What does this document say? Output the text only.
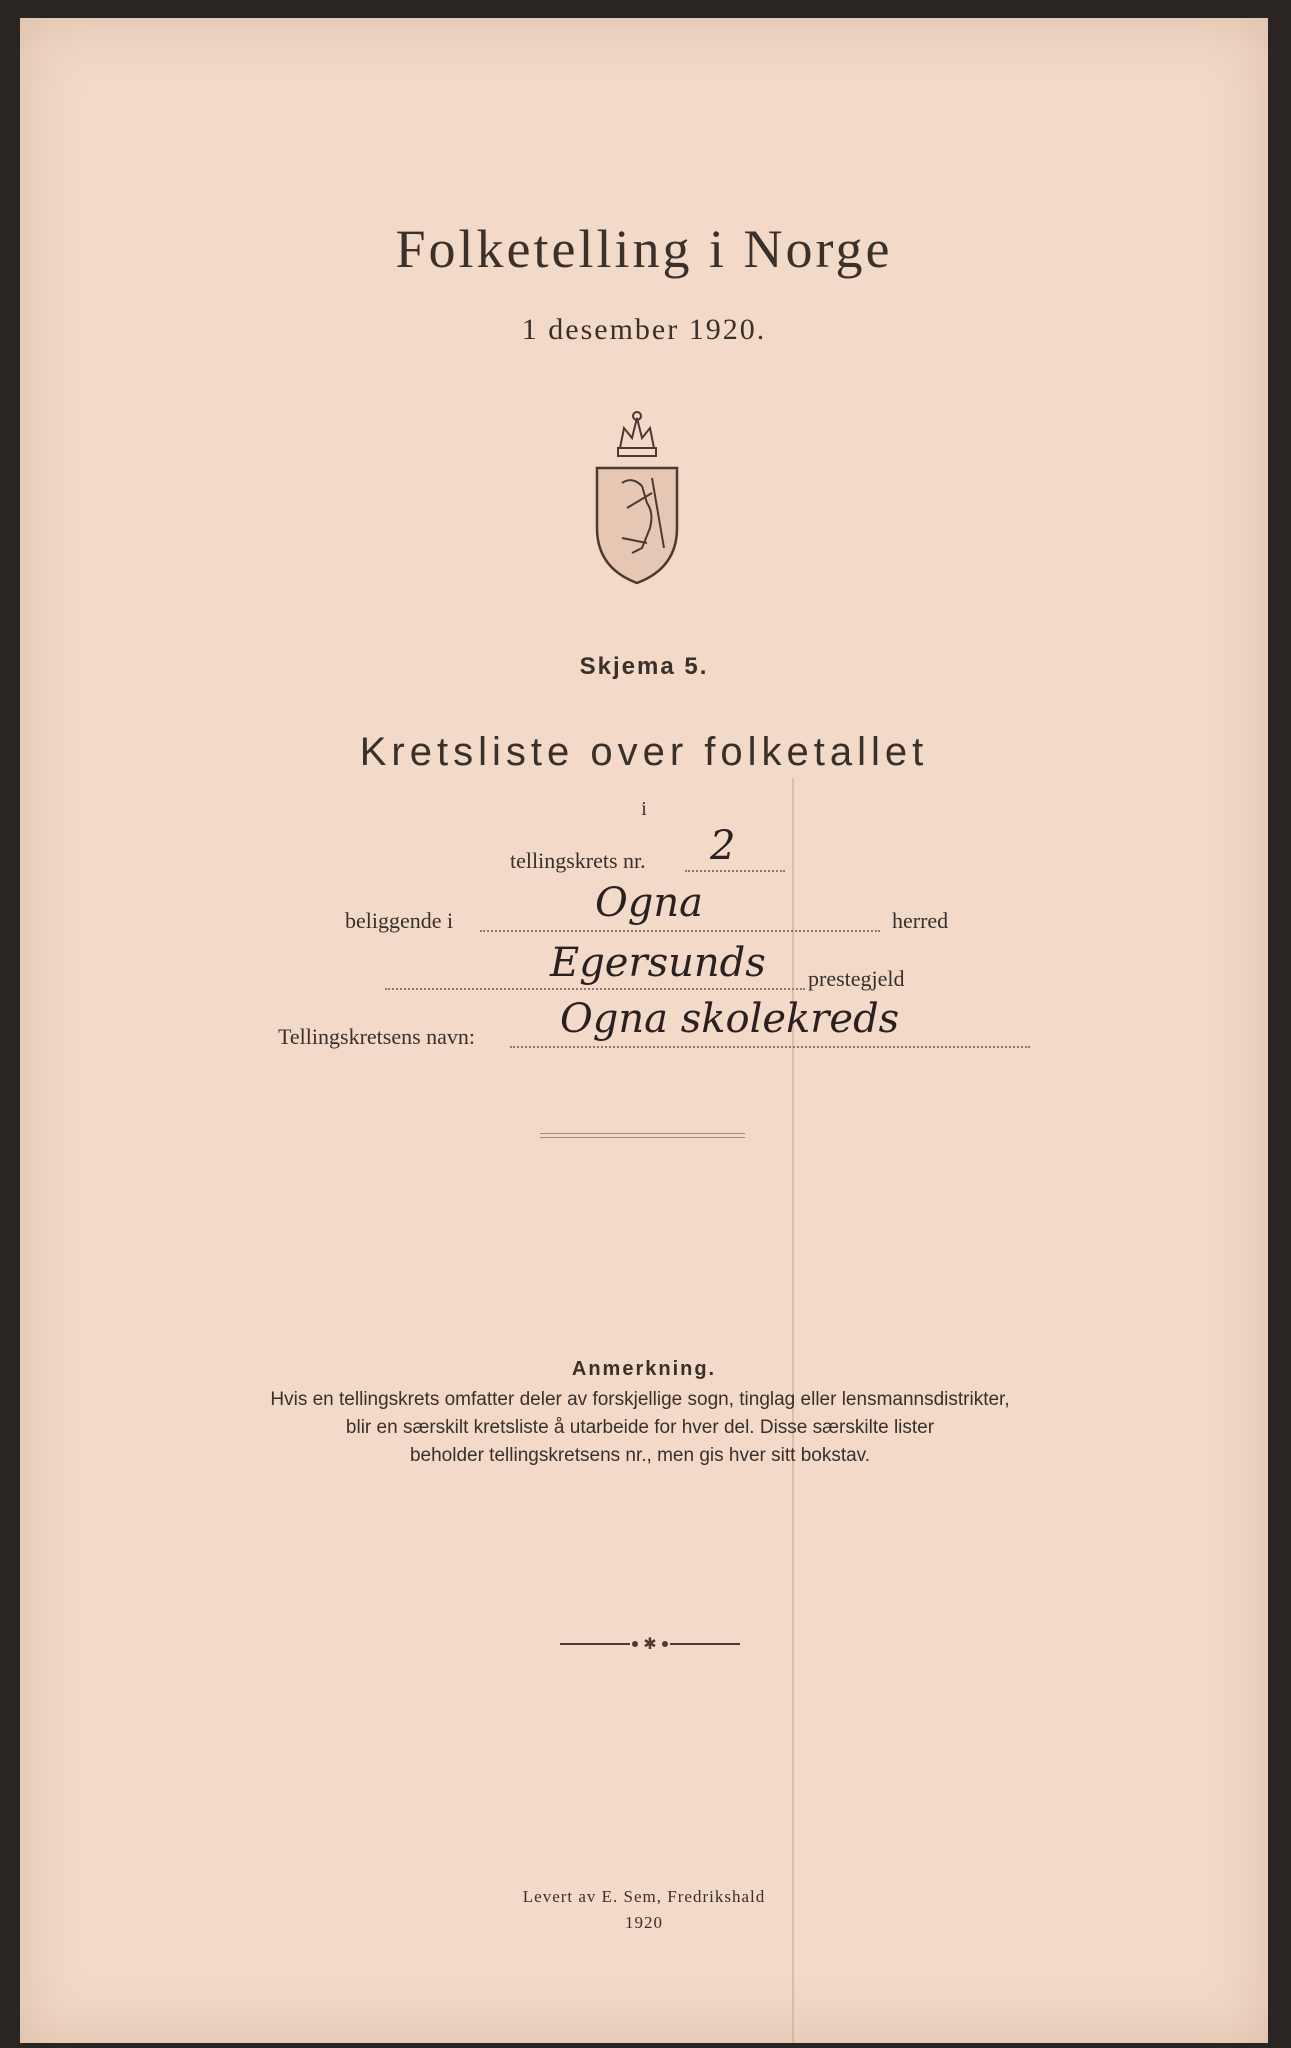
Folketelling i Norge
1 desember 1920.
Skjema 5.
Kretsliste over folketallet
i
tellingskrets nr. 2
beliggende i	Ogna	herred
Egersunds prestegjeld
Tellingskretsens navn: Ogna skolekreds
Anmerkning.
Hvis en tellingskrets omfatter deler av forskjellige sogn, tinglag eller lensmannsdistrikter,
blir en særskilt kretsliste å utarbeide for hver del. Disse særskilte lister
beholder tellingskretsens nr., men gis hver sitt bokstav.
✱
Levert av E. Sem, Fredrikshald
1920
